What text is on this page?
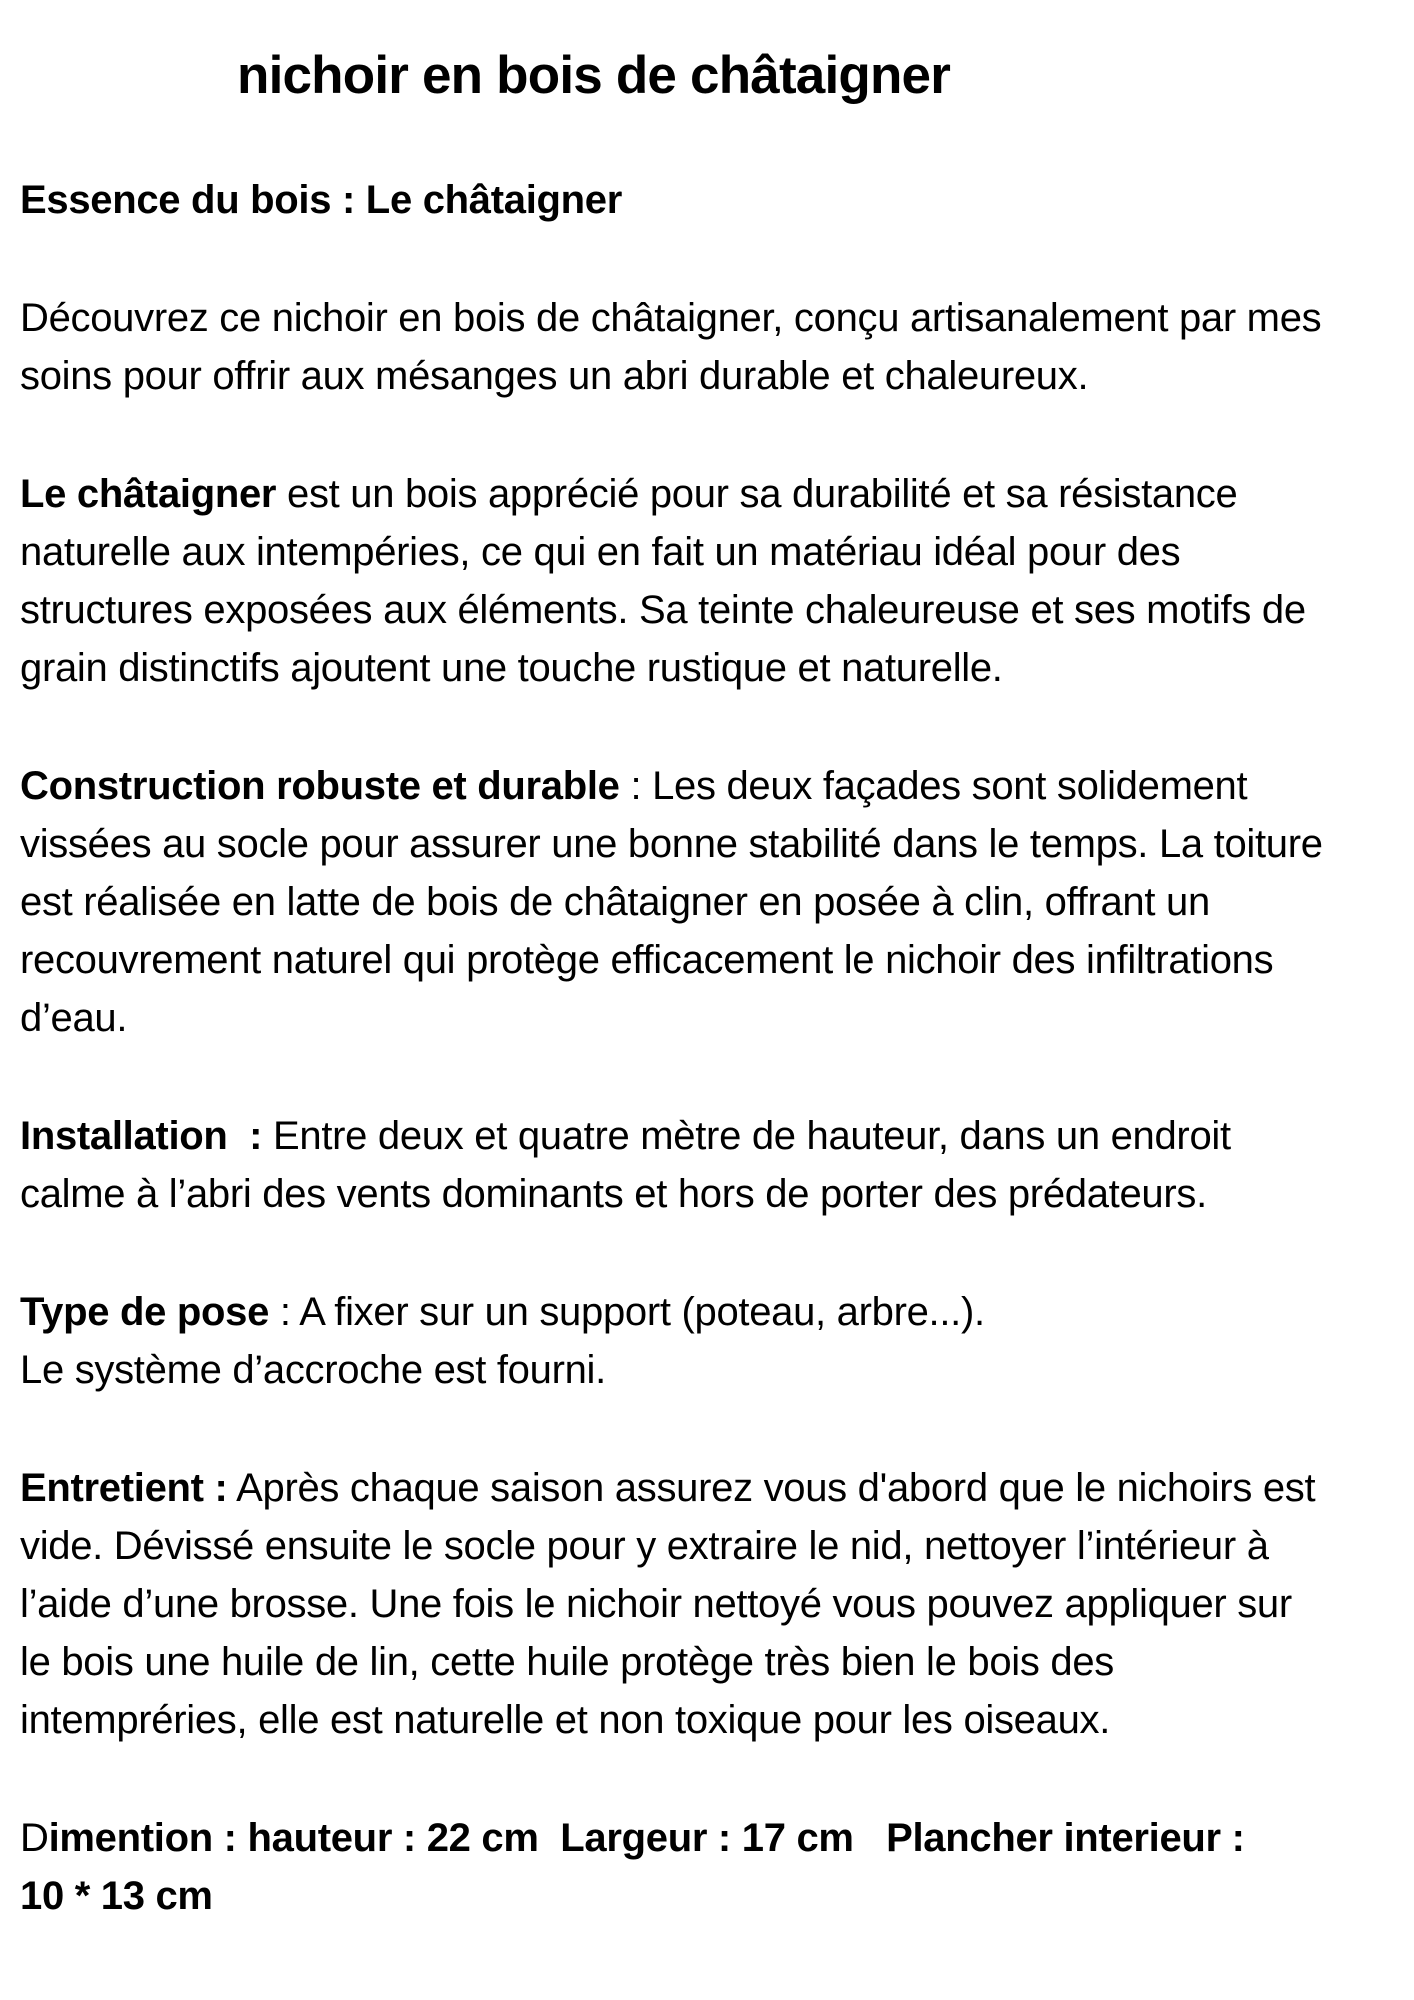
nichoir en bois de châtaigner
Essence du bois : Le châtaigner
Découvrez ce nichoir en bois de châtaigner, conçu artisanalement par mes
soins pour offrir aux mésanges un abri durable et chaleureux.
Le châtaigner est un bois apprécié pour sa durabilité et sa résistance
naturelle aux intempéries, ce qui en fait un matériau idéal pour des
structures exposées aux éléments. Sa teinte chaleureuse et ses motifs de
grain distinctifs ajoutent une touche rustique et naturelle.
Construction robuste et durable : Les deux façades sont solidement
vissées au socle pour assurer une bonne stabilité dans le temps. La toiture
est réalisée en latte de bois de châtaigner en posée à clin, offrant un
recouvrement naturel qui protège efficacement le nichoir des infiltrations
d’eau.
Installation  : Entre deux et quatre mètre de hauteur, dans un endroit
calme à l’abri des vents dominants et hors de porter des prédateurs.
Type de pose : A fixer sur un support (poteau, arbre...).
Le système d’accroche est fourni.
Entretient : Après chaque saison assurez vous d'abord que le nichoirs est
vide. Dévissé ensuite le socle pour y extraire le nid, nettoyer l’intérieur à
l’aide d’une brosse. Une fois le nichoir nettoyé vous pouvez appliquer sur
le bois une huile de lin, cette huile protège très bien le bois des
intempréries, elle est naturelle et non toxique pour les oiseaux.
Dimention : hauteur : 22 cm  Largeur : 17 cm   Plancher interieur :
10 * 13 cm
